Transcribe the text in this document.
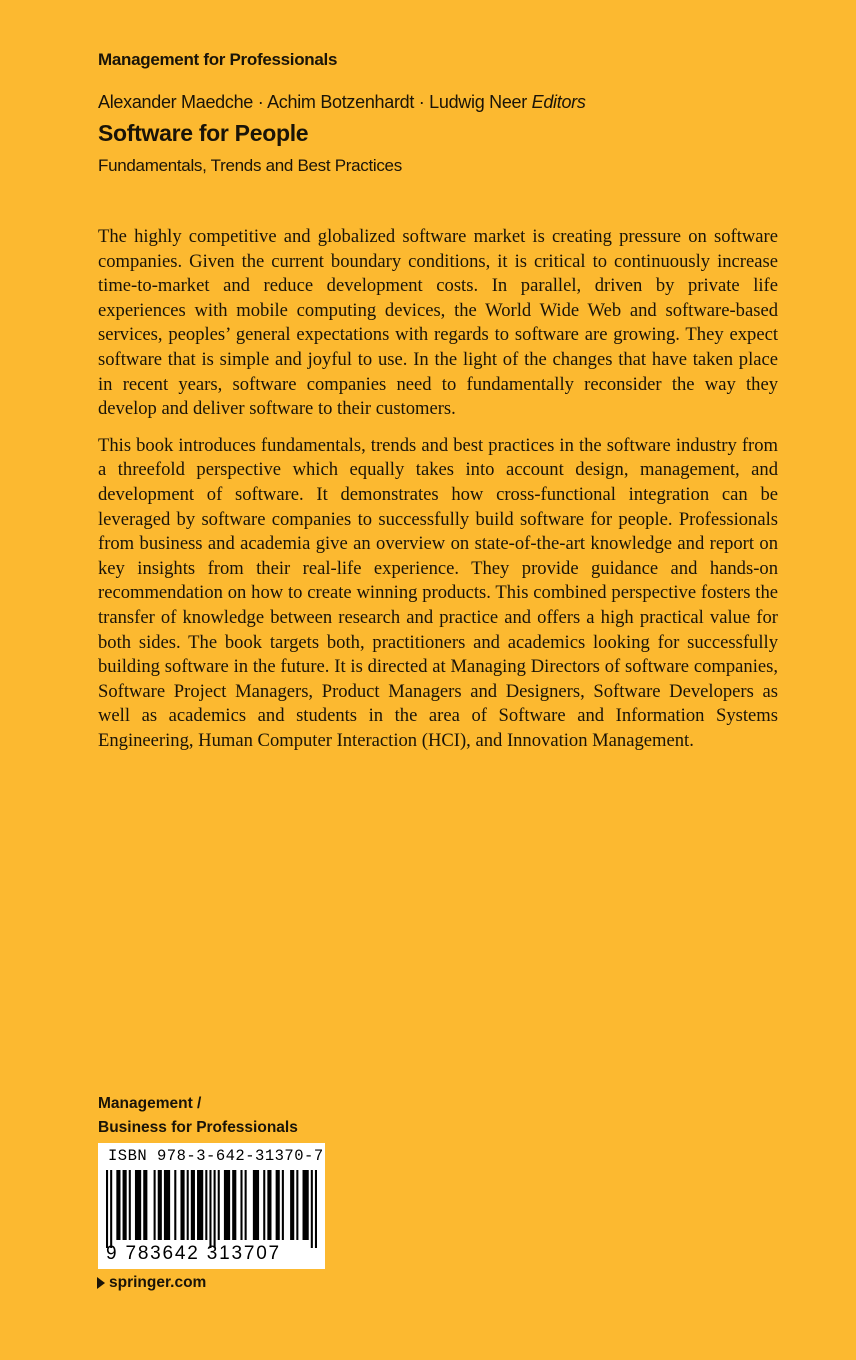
Management for Professionals
Alexander Maedche · Achim Botzenhardt · Ludwig Neer Editors
Software for People
Fundamentals, Trends and Best Practices

The highly competitive and globalized software market is creating pressure on software companies. Given the current boundary conditions, it is critical to continuously increase time-to-market and reduce development costs. In parallel, driven by private life experiences with mobile computing devices, the World Wide Web and software-based services, peoples’ general expectations with regards to software are growing. They expect software that is simple and joyful to use. In the light of the changes that have taken place in recent years, software companies need to fundamentally reconsider the way they develop and deliver software to their customers.

This book introduces fundamentals, trends and best practices in the software industry from a threefold perspective which equally takes into account design, management, and development of software. It demonstrates how cross-functional integration can be leveraged by software companies to successfully build software for people. Professionals from business and academia give an overview on state-of-the-art knowledge and report on key insights from their real-life experience. They provide guidance and hands-on recommendation on how to create winning products. This combined perspective fosters the transfer of knowledge between research and practice and offers a high practical value for both sides. The book targets both, practitioners and academics looking for successfully building software in the future. It is directed at Managing Directors of software companies, Software Project Managers, Product Managers and Designers, Software Developers as well as academics and students in the area of Software and Information Systems Engineering, Human Computer Interaction (HCI), and Innovation Management.

Management /
Business for Professionals
ISBN 978-3-642-31370-7
9 783642 313707
springer.com
